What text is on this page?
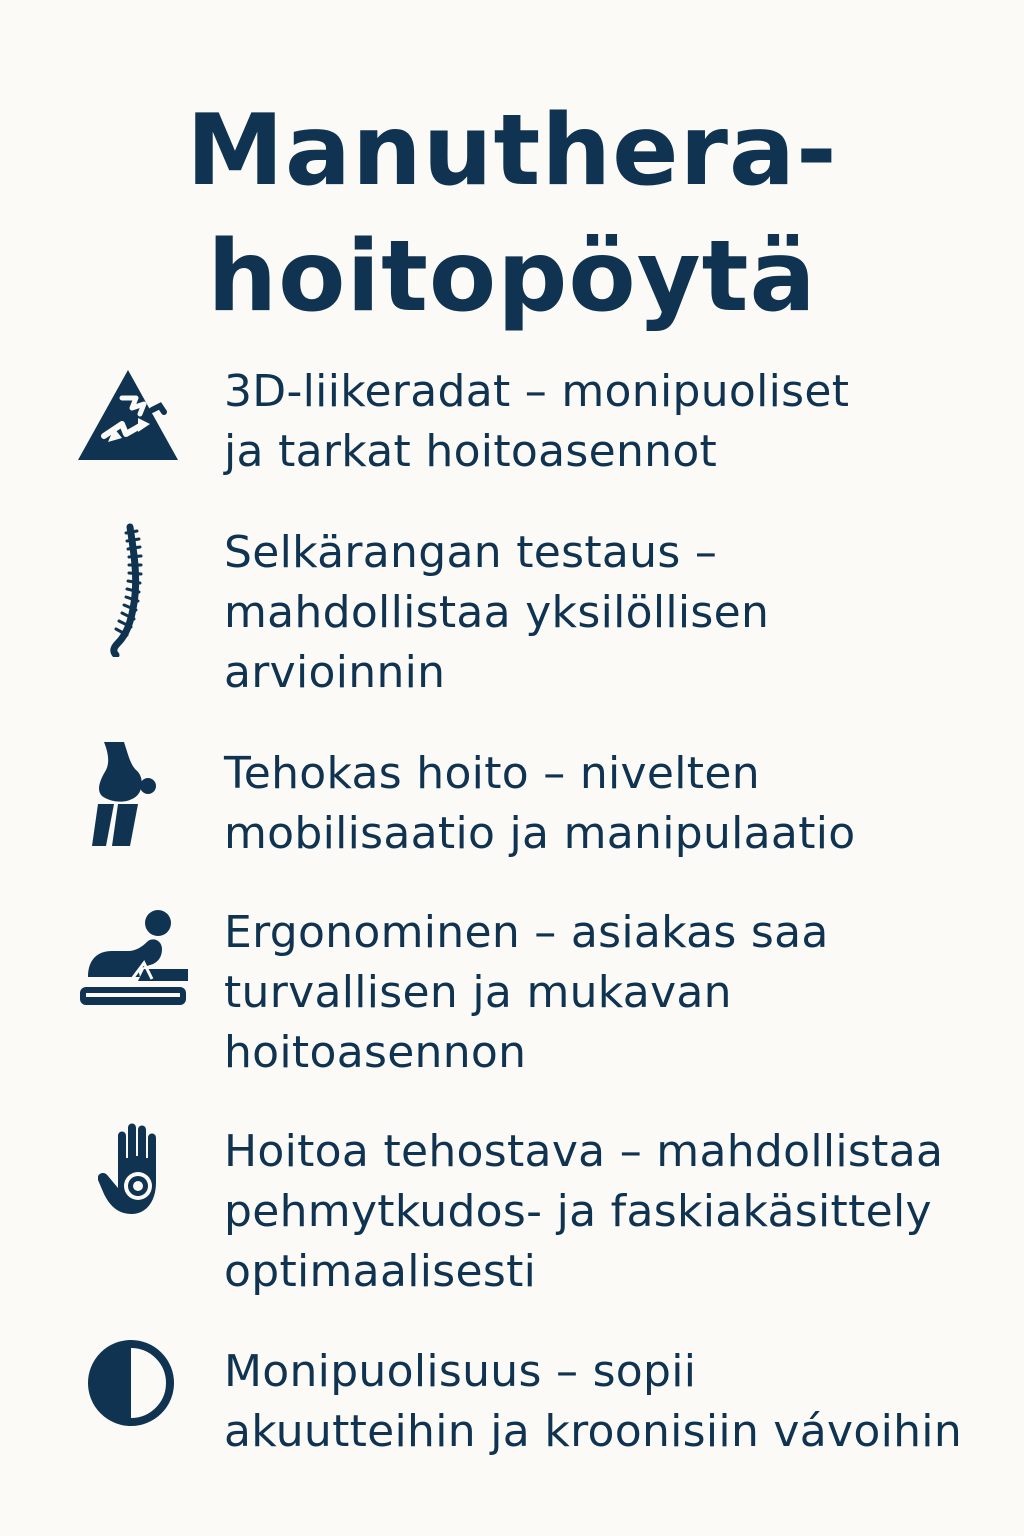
Manuthera-
hoitopöytä

3D-liikeradat – monipuoliset
ja tarkat hoitoasennot

Selkärangan testaus –
mahdollistaa yksilöllisen
arvioinnin

Tehokas hoito – nivelten
mobilisaatio ja manipulaatio

Ergonominen – asiakas saa
turvallisen ja mukavan
hoitoasennon

Hoitoa tehostava – mahdollistaa
pehmytkudos- ja faskiakäsittely
optimaalisesti

Monipuolisuus – sopii
akuutteihin ja kroonisiin vávoihin
